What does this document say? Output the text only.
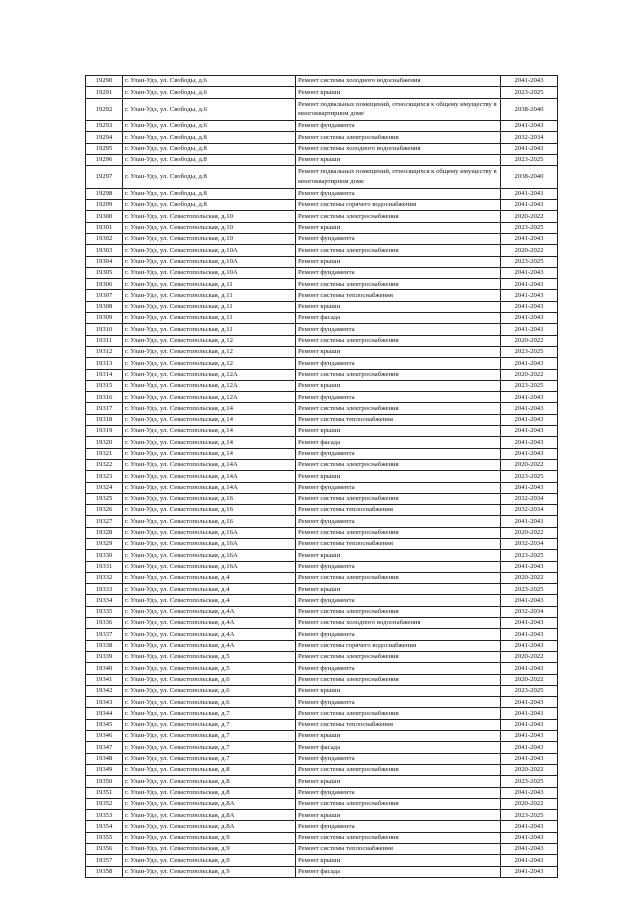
19290	г. Улан-Удэ, ул. Свободы, д.6	Ремонт системы холодного водоснабжения	2041-2043
19291	г. Улан-Удэ, ул. Свободы, д.6	Ремонт крыши	2023-2025
19292	г. Улан-Удэ, ул. Свободы, д.6	Ремонт подвальных помещений, относящихся к общему имуществу в многоквартирном доме	2038-2040
19293	г. Улан-Удэ, ул. Свободы, д.6	Ремонт фундамента	2041-2043
19294	г. Улан-Удэ, ул. Свободы, д.8	Ремонт системы электроснабжения	2032-2034
19295	г. Улан-Удэ, ул. Свободы, д.8	Ремонт системы холодного водоснабжения	2041-2043
19296	г. Улан-Удэ, ул. Свободы, д.8	Ремонт крыши	2023-2025
19297	г. Улан-Удэ, ул. Свободы, д.8	Ремонт подвальных помещений, относящихся к общему имуществу в многоквартирном доме	2038-2040
19298	г. Улан-Удэ, ул. Свободы, д.8	Ремонт фундамента	2041-2043
19299	г. Улан-Удэ, ул. Свободы, д.8	Ремонт системы горячего водоснабжения	2041-2043
19300	г. Улан-Удэ, ул. Севастопольская, д.10	Ремонт системы электроснабжения	2020-2022
19301	г. Улан-Удэ, ул. Севастопольская, д.10	Ремонт крыши	2023-2025
19302	г. Улан-Удэ, ул. Севастопольская, д.10	Ремонт фундамента	2041-2043
19303	г. Улан-Удэ, ул. Севастопольская, д.10А	Ремонт системы электроснабжения	2020-2022
19304	г. Улан-Удэ, ул. Севастопольская, д.10А	Ремонт крыши	2023-2025
19305	г. Улан-Удэ, ул. Севастопольская, д.10А	Ремонт фундамента	2041-2043
19306	г. Улан-Удэ, ул. Севастопольская, д.11	Ремонт системы электроснабжения	2041-2043
19307	г. Улан-Удэ, ул. Севастопольская, д.11	Ремонт системы теплоснабжения	2041-2043
19308	г. Улан-Удэ, ул. Севастопольская, д.11	Ремонт крыши	2041-2043
19309	г. Улан-Удэ, ул. Севастопольская, д.11	Ремонт фасада	2041-2043
19310	г. Улан-Удэ, ул. Севастопольская, д.11	Ремонт фундамента	2041-2043
19311	г. Улан-Удэ, ул. Севастопольская, д.12	Ремонт системы электроснабжения	2020-2022
19312	г. Улан-Удэ, ул. Севастопольская, д.12	Ремонт крыши	2023-2025
19313	г. Улан-Удэ, ул. Севастопольская, д.12	Ремонт фундамента	2041-2043
19314	г. Улан-Удэ, ул. Севастопольская, д.12А	Ремонт системы электроснабжения	2020-2022
19315	г. Улан-Удэ, ул. Севастопольская, д.12А	Ремонт крыши	2023-2025
19316	г. Улан-Удэ, ул. Севастопольская, д.12А	Ремонт фундамента	2041-2043
19317	г. Улан-Удэ, ул. Севастопольская, д.14	Ремонт системы электроснабжения	2041-2043
19318	г. Улан-Удэ, ул. Севастопольская, д.14	Ремонт системы теплоснабжения	2041-2043
19319	г. Улан-Удэ, ул. Севастопольская, д.14	Ремонт крыши	2041-2043
19320	г. Улан-Удэ, ул. Севастопольская, д.14	Ремонт фасада	2041-2043
19321	г. Улан-Удэ, ул. Севастопольская, д.14	Ремонт фундамента	2041-2043
19322	г. Улан-Удэ, ул. Севастопольская, д.14А	Ремонт системы электроснабжения	2020-2022
19323	г. Улан-Удэ, ул. Севастопольская, д.14А	Ремонт крыши	2023-2025
19324	г. Улан-Удэ, ул. Севастопольская, д.14А	Ремонт фундамента	2041-2043
19325	г. Улан-Удэ, ул. Севастопольская, д.16	Ремонт системы электроснабжения	2032-2034
19326	г. Улан-Удэ, ул. Севастопольская, д.16	Ремонт системы теплоснабжения	2032-2034
19327	г. Улан-Удэ, ул. Севастопольская, д.16	Ремонт фундамента	2041-2043
19328	г. Улан-Удэ, ул. Севастопольская, д.16А	Ремонт системы электроснабжения	2020-2022
19329	г. Улан-Удэ, ул. Севастопольская, д.16А	Ремонт системы теплоснабжения	2032-2034
19330	г. Улан-Удэ, ул. Севастопольская, д.16А	Ремонт крыши	2023-2025
19331	г. Улан-Удэ, ул. Севастопольская, д.16А	Ремонт фундамента	2041-2043
19332	г. Улан-Удэ, ул. Севастопольская, д.4	Ремонт системы электроснабжения	2020-2022
19333	г. Улан-Удэ, ул. Севастопольская, д.4	Ремонт крыши	2023-2025
19334	г. Улан-Удэ, ул. Севастопольская, д.4	Ремонт фундамента	2041-2043
19335	г. Улан-Удэ, ул. Севастопольская, д.4А	Ремонт системы электроснабжения	2032-2034
19336	г. Улан-Удэ, ул. Севастопольская, д.4А	Ремонт системы холодного водоснабжения	2041-2043
19337	г. Улан-Удэ, ул. Севастопольская, д.4А	Ремонт фундамента	2041-2043
19338	г. Улан-Удэ, ул. Севастопольская, д.4А	Ремонт системы горячего водоснабжения	2041-2043
19339	г. Улан-Удэ, ул. Севастопольская, д.5	Ремонт системы электроснабжения	2020-2022
19340	г. Улан-Удэ, ул. Севастопольская, д.5	Ремонт фундамента	2041-2043
19341	г. Улан-Удэ, ул. Севастопольская, д.6	Ремонт системы электроснабжения	2020-2022
19342	г. Улан-Удэ, ул. Севастопольская, д.6	Ремонт крыши	2023-2025
19343	г. Улан-Удэ, ул. Севастопольская, д.6	Ремонт фундамента	2041-2043
19344	г. Улан-Удэ, ул. Севастопольская, д.7	Ремонт системы электроснабжения	2041-2043
19345	г. Улан-Удэ, ул. Севастопольская, д.7	Ремонт системы теплоснабжения	2041-2043
19346	г. Улан-Удэ, ул. Севастопольская, д.7	Ремонт крыши	2041-2043
19347	г. Улан-Удэ, ул. Севастопольская, д.7	Ремонт фасада	2041-2043
19348	г. Улан-Удэ, ул. Севастопольская, д.7	Ремонт фундамента	2041-2043
19349	г. Улан-Удэ, ул. Севастопольская, д.8	Ремонт системы электроснабжения	2020-2022
19350	г. Улан-Удэ, ул. Севастопольская, д.8	Ремонт крыши	2023-2025
19351	г. Улан-Удэ, ул. Севастопольская, д.8	Ремонт фундамента	2041-2043
19352	г. Улан-Удэ, ул. Севастопольская, д.8А	Ремонт системы электроснабжения	2020-2022
19353	г. Улан-Удэ, ул. Севастопольская, д.8А	Ремонт крыши	2023-2025
19354	г. Улан-Удэ, ул. Севастопольская, д.8А	Ремонт фундамента	2041-2043
19355	г. Улан-Удэ, ул. Севастопольская, д.9	Ремонт системы электроснабжения	2041-2043
19356	г. Улан-Удэ, ул. Севастопольская, д.9	Ремонт системы теплоснабжения	2041-2043
19357	г. Улан-Удэ, ул. Севастопольская, д.9	Ремонт крыши	2041-2043
19358	г. Улан-Удэ, ул. Севастопольская, д.9	Ремонт фасада	2041-2043
